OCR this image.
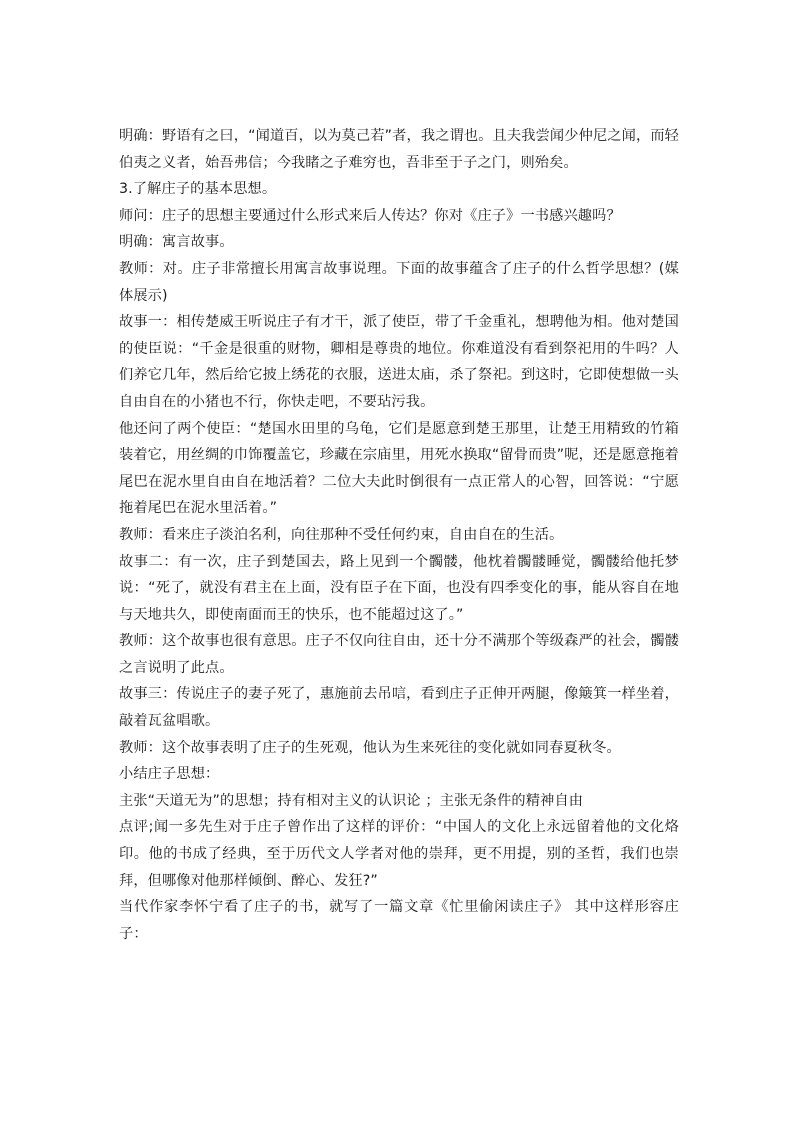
明确：野语有之曰，“闻道百，以为莫己若”者，我之谓也。且夫我尝闻少仲尼之闻，而轻伯夷之义者，始吾弗信；今我睹之子难穷也，吾非至于子之门，则殆矣。

3.了解庄子的基本思想。

师问：庄子的思想主要通过什么形式来后人传达？你对《庄子》一书感兴趣吗？

明确：寓言故事。

教师：对。庄子非常擅长用寓言故事说理。下面的故事蕴含了庄子的什么哲学思想？(媒体展示)

故事一：相传楚威王听说庄子有才干，派了使臣，带了千金重礼，想聘他为相。他对楚国的使臣说：“千金是很重的财物，卿相是尊贵的地位。你难道没有看到祭祀用的牛吗？人们养它几年，然后给它披上绣花的衣服，送进太庙，杀了祭祀。到这时，它即使想做一头自由自在的小猪也不行，你快走吧，不要玷污我。

他还问了两个使臣：“楚国水田里的乌龟，它们是愿意到楚王那里，让楚王用精致的竹箱装着它，用丝绸的巾饰覆盖它，珍藏在宗庙里，用死水换取“留骨而贵”呢，还是愿意拖着尾巴在泥水里自由自在地活着？二位大夫此时倒很有一点正常人的心智，回答说：“宁愿拖着尾巴在泥水里活着。”

教师：看来庄子淡泊名利，向往那种不受任何约束，自由自在的生活。

故事二：有一次，庄子到楚国去，路上见到一个髑髅，他枕着髑髅睡觉，髑髅给他托梦说：“死了，就没有君主在上面，没有臣子在下面，也没有四季变化的事，能从容自在地与天地共久，即使南面而王的快乐，也不能超过这了。”

教师：这个故事也很有意思。庄子不仅向往自由，还十分不满那个等级森严的社会，髑髅之言说明了此点。

故事三：传说庄子的妻子死了，惠施前去吊唁，看到庄子正伸开两腿，像簸箕一样坐着，敲着瓦盆唱歌。

教师：这个故事表明了庄子的生死观，他认为生来死往的变化就如同春夏秋冬。

小结庄子思想：

主张“天道无为”的思想；持有相对主义的认识论 ；主张无条件的精神自由

点评;闻一多先生对于庄子曾作出了这样的评价：“中国人的文化上永远留着他的文化烙印。他的书成了经典，至于历代文人学者对他的崇拜，更不用提，别的圣哲，我们也崇拜，但哪像对他那样倾倒、醉心、发狂?”

当代作家李怀宁看了庄子的书，就写了一篇文章《忙里偷闲读庄子》 其中这样形容庄子：
